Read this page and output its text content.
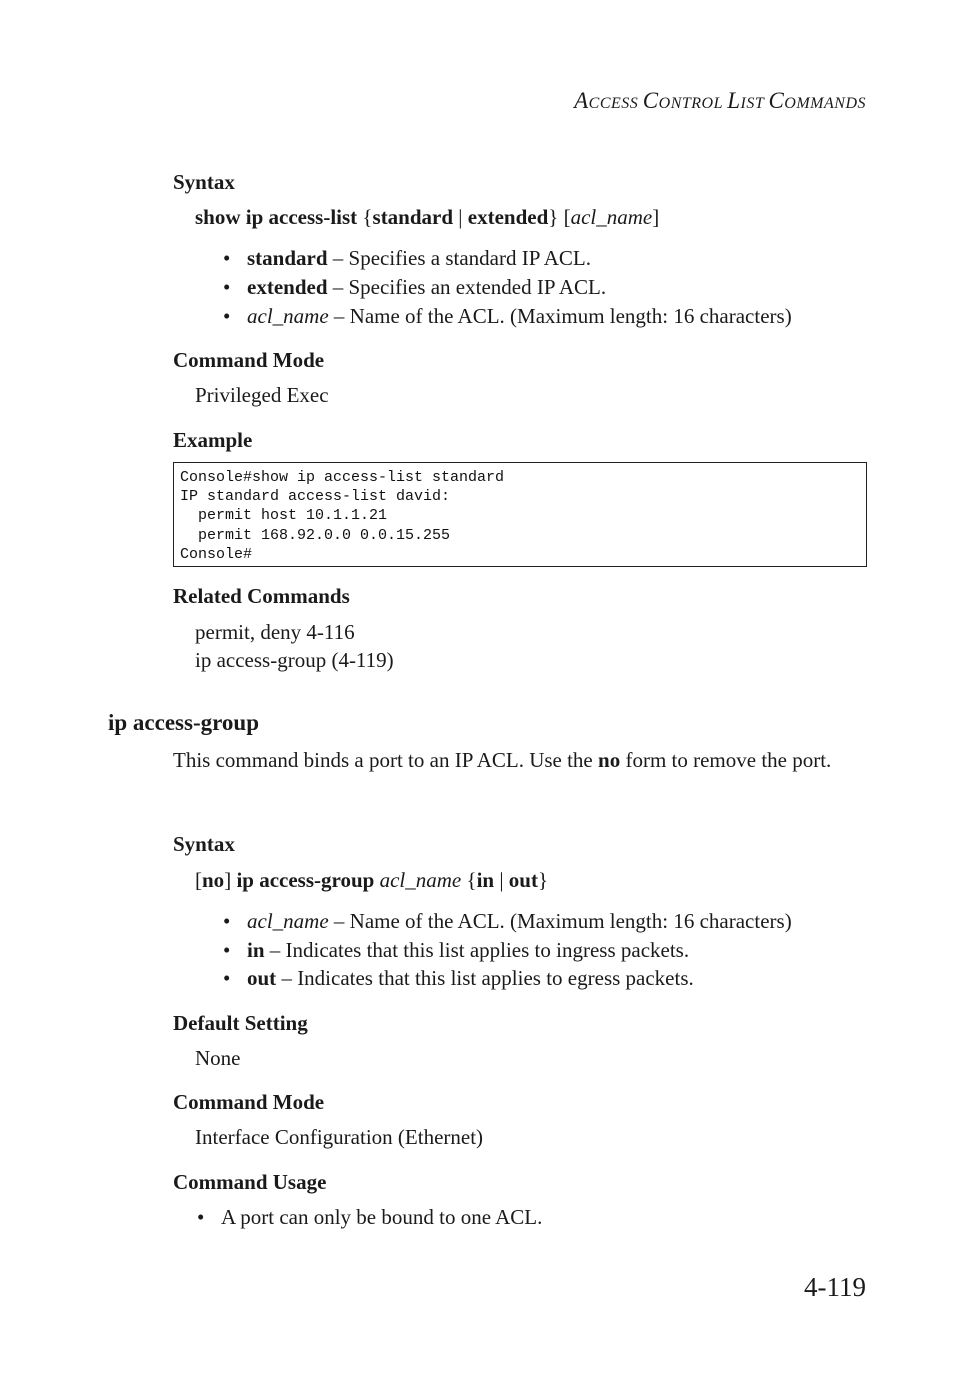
ACCESS CONTROL LIST COMMANDS
Syntax
show ip access-list {standard | extended} [acl_name]
• standard – Specifies a standard IP ACL.
• extended – Specifies an extended IP ACL.
• acl_name – Name of the ACL. (Maximum length: 16 characters)
Command Mode
Privileged Exec
Example
Console#show ip access-list standard
IP standard access-list david:
permit host 10.1.1.21
permit 168.92.0.0 0.0.15.255
Console#
Related Commands
permit, deny 4-116
ip access-group (4-119)
ip access-group
This command binds a port to an IP ACL. Use the no form to remove the port.
Syntax
[no] ip access-group acl_name {in | out}
• acl_name – Name of the ACL. (Maximum length: 16 characters)
• in – Indicates that this list applies to ingress packets.
• out – Indicates that this list applies to egress packets.
Default Setting
None
Command Mode
Interface Configuration (Ethernet)
Command Usage
• A port can only be bound to one ACL.
4-119
